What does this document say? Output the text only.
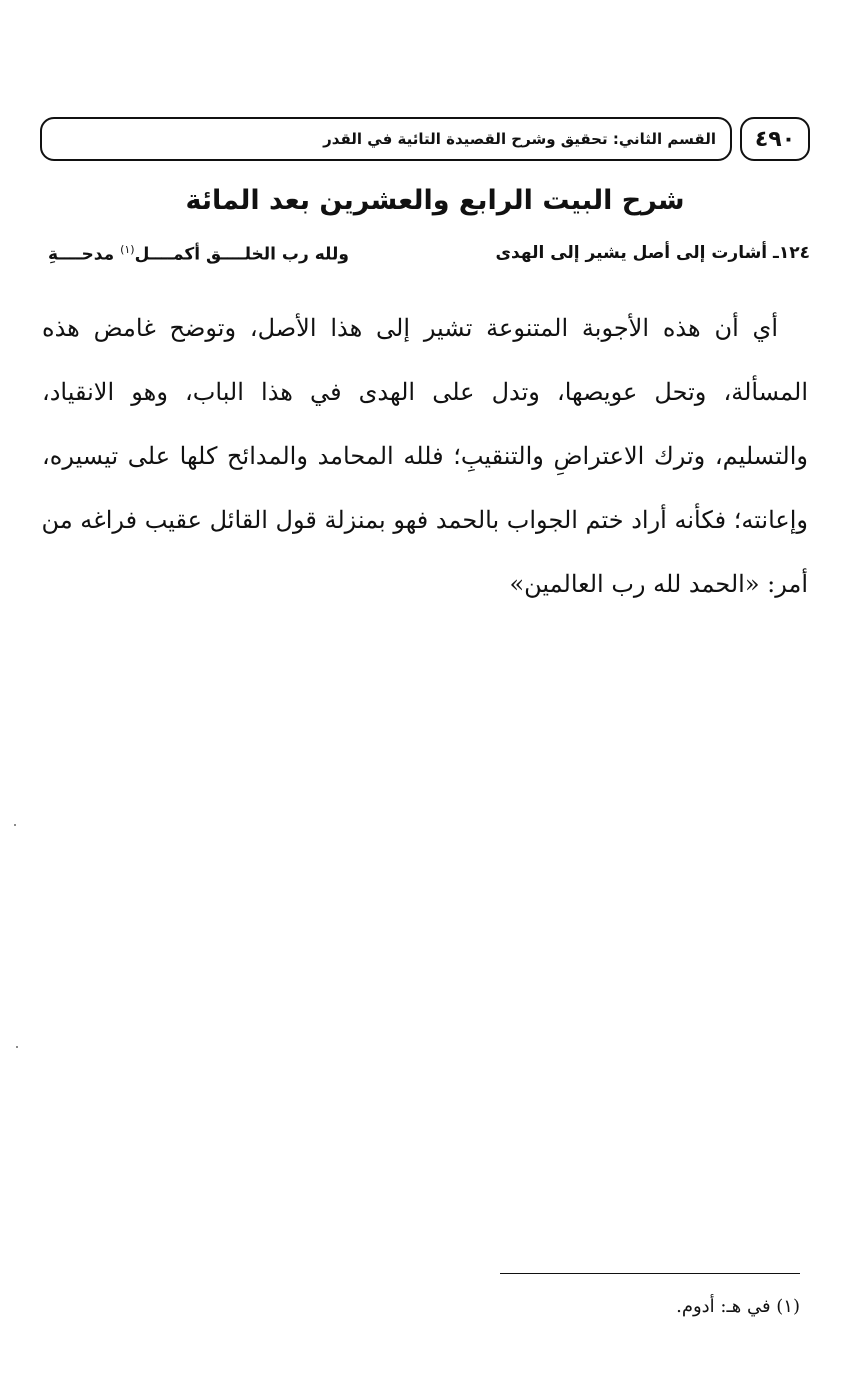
القسم الثاني: تحقيق وشرح القصيدة التائية في القدر ٤٩٠
شرح البيت الرابع والعشرين بعد المائة
١٢٤ـ أشارت إلى أصل يشير إلى الهدى
ولله رب الخلــــق أكمــــل$^{(١)}$ مدحــــةِ
أي أن هذه الأجوبة المتنوعة تشير إلى هذا الأصل، وتوضح غامض هذه
المسألة، وتحل عويصها، وتدل على الهدى في هذا الباب، وهو الانقياد،
والتسليم، وترك الاعتراضِ والتنقيبِ؛ فلله المحامد والمدائح كلها على تيسيره،
وإعانته؛ فكأنه أراد ختم الجواب بالحمد فهو بمنزلة قول القائل عقيب فراغه من
أمر: «الحمد لله رب العالمين»
(١) في هـ: أدوم.
